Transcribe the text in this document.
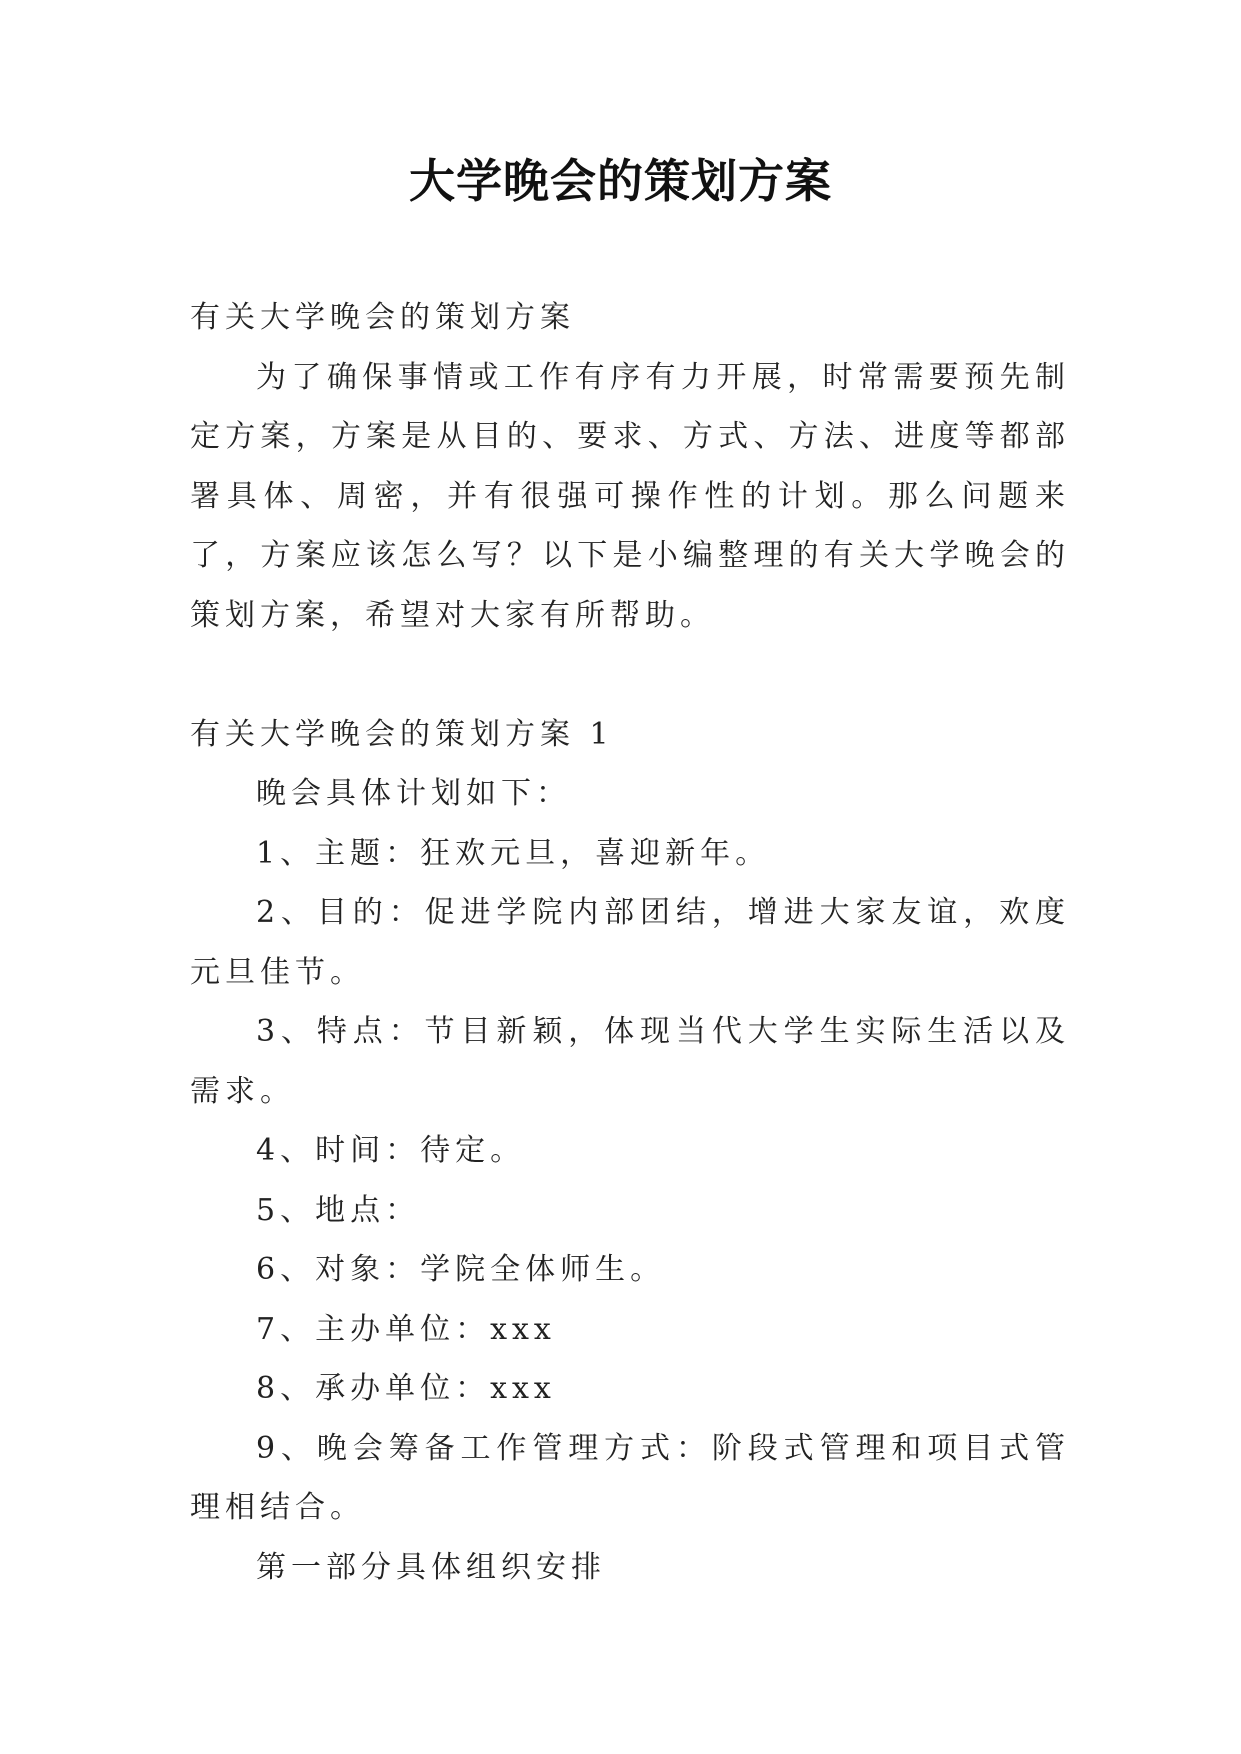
大学晚会的策划方案

有关大学晚会的策划方案

为了确保事情或工作有序有力开展，时常需要预先制定方案，方案是从目的、要求、方式、方法、进度等都部署具体、周密，并有很强可操作性的计划。那么问题来了，方案应该怎么写？以下是小编整理的有关大学晚会的策划方案，希望对大家有所帮助。

有关大学晚会的策划方案 1

晚会具体计划如下：

1、主题：狂欢元旦，喜迎新年。

2、目的：促进学院内部团结，增进大家友谊，欢度元旦佳节。

3、特点：节目新颖，体现当代大学生实际生活以及需求。

4、时间：待定。

5、地点：

6、对象：学院全体师生。

7、主办单位：xxx

8、承办单位：xxx

9、晚会筹备工作管理方式：阶段式管理和项目式管理相结合。

第一部分具体组织安排
